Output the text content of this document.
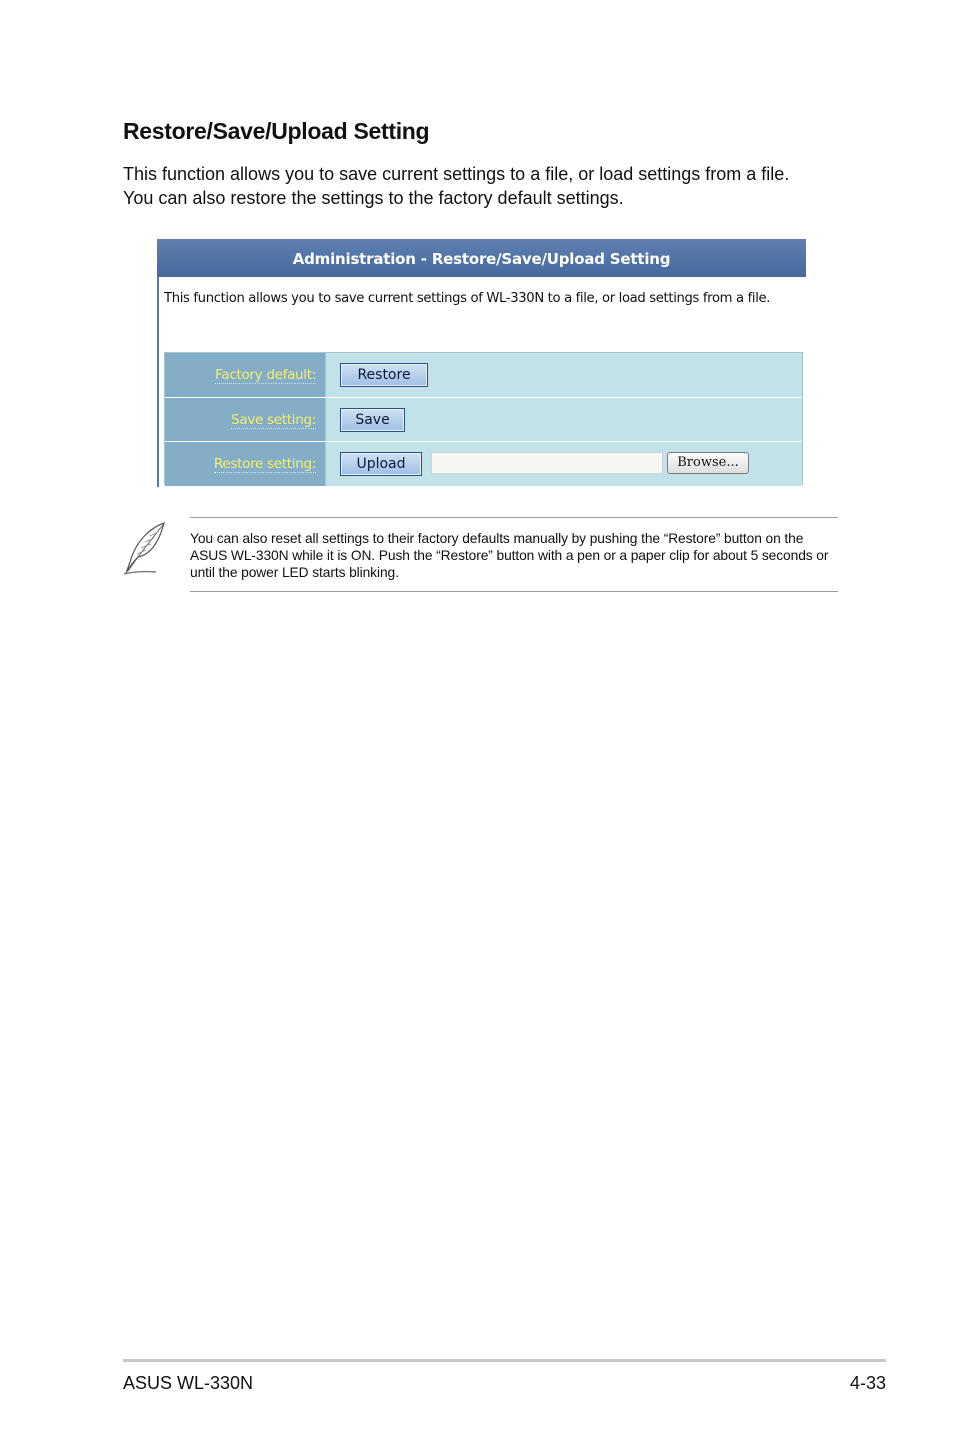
Restore/Save/Upload Setting

This function allows you to save current settings to a file, or load settings from a file. You can also restore the settings to the factory default settings.

Administration - Restore/Save/Upload Setting

This function allows you to save current settings of WL-330N to a file, or load settings from a file.

Factory default:	Restore
Save setting:	Save
Restore setting:	Upload	Browse...

You can also reset all settings to their factory defaults manually by pushing the “Restore” button on the ASUS WL-330N while it is ON. Push the “Restore” button with a pen or a paper clip for about 5 seconds or until the power LED starts blinking.

ASUS WL-330N	4-33
